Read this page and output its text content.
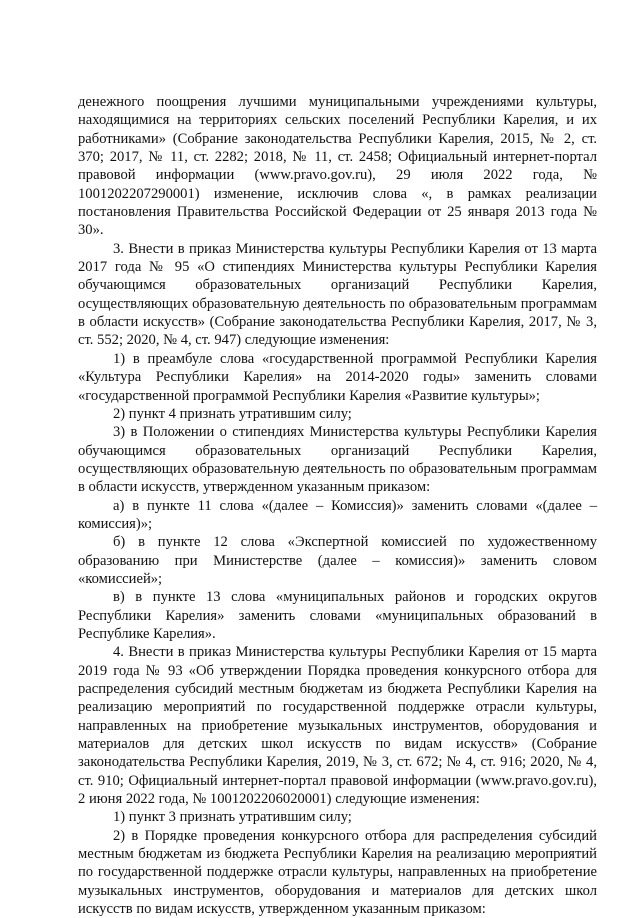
денежного поощрения лучшими муниципальными учреждениями культуры, находящимися на территориях сельских поселений Республики Карелия, и их работниками» (Собрание законодательства Республики Карелия, 2015, № 2, ст. 370; 2017, № 11, ст. 2282; 2018, № 11, ст. 2458; Официальный интернет-портал правовой информации (www.pravo.gov.ru), 29 июля 2022 года, № 1001202207290001) изменение, исключив слова «, в рамках реализации постановления Правительства Российской Федерации от 25 января 2013 года № 30».

3. Внести в приказ Министерства культуры Республики Карелия от 13 марта 2017 года № 95 «О стипендиях Министерства культуры Республики Карелия обучающимся образовательных организаций Республики Карелия, осуществляющих образовательную деятельность по образовательным программам в области искусств» (Собрание законодательства Республики Карелия, 2017, № 3, ст. 552; 2020, № 4, ст. 947) следующие изменения:

1) в преамбуле слова «государственной программой Республики Карелия «Культура Республики Карелия» на 2014-2020 годы» заменить словами «государственной программой Республики Карелия «Развитие культуры»;

2) пункт 4 признать утратившим силу;

3) в Положении о стипендиях Министерства культуры Республики Карелия обучающимся образовательных организаций Республики Карелия, осуществляющих образовательную деятельность по образовательным программам в области искусств, утвержденном указанным приказом:

а) в пункте 11 слова «(далее – Комиссия)» заменить словами «(далее – комиссия)»;

б) в пункте 12 слова «Экспертной комиссией по художественному образованию при Министерстве (далее – комиссия)» заменить словом «комиссией»;

в) в пункте 13 слова «муниципальных районов и городских округов Республики Карелия» заменить словами «муниципальных образований в Республике Карелия».

4. Внести в приказ Министерства культуры Республики Карелия от 15 марта 2019 года № 93 «Об утверждении Порядка проведения конкурсного отбора для распределения субсидий местным бюджетам из бюджета Республики Карелия на реализацию мероприятий по государственной поддержке отрасли культуры, направленных на приобретение музыкальных инструментов, оборудования и материалов для детских школ искусств по видам искусств» (Собрание законодательства Республики Карелия, 2019, № 3, ст. 672; № 4, ст. 916; 2020, № 4, ст. 910; Официальный интернет-портал правовой информации (www.pravo.gov.ru), 2 июня 2022 года, № 1001202206020001) следующие изменения:

1) пункт 3 признать утратившим силу;

2) в Порядке проведения конкурсного отбора для распределения субсидий местным бюджетам из бюджета Республики Карелия на реализацию мероприятий по государственной поддержке отрасли культуры, направленных на приобретение музыкальных инструментов, оборудования и материалов для детских школ искусств по видам искусств, утвержденном указанным приказом:
